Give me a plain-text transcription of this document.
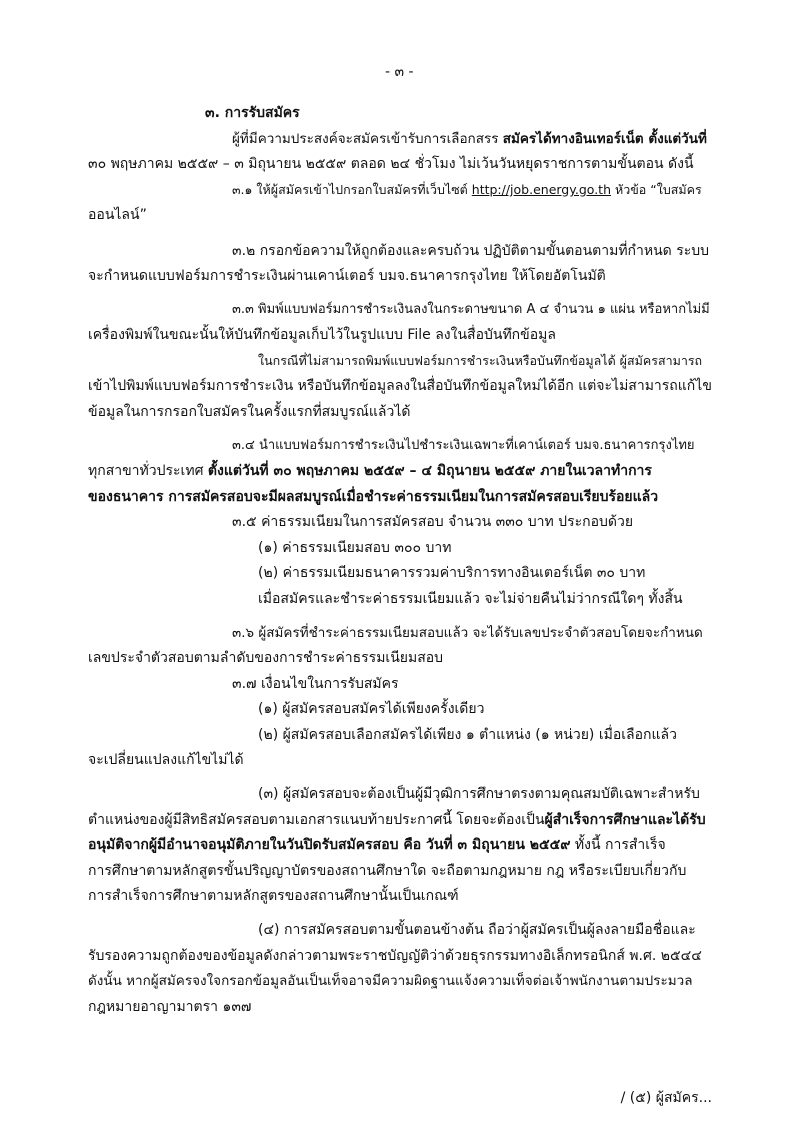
- ๓ -
๓. การรับสมัคร
ผู้ที่มีความประสงค์จะสมัครเข้ารับการเลือกสรร สมัครได้ทางอินเทอร์เน็ต ตั้งแต่วันที่
๓๐ พฤษภาคม ๒๕๕๙ – ๓ มิถุนายน ๒๕๕๙ ตลอด ๒๔ ชั่วโมง ไม่เว้นวันหยุดราชการตามขั้นตอน ดังนี้
๓.๑ ให้ผู้สมัครเข้าไปกรอกใบสมัครที่เว็บไซต์ http://job.energy.go.th หัวข้อ “ใบสมัคร
ออนไลน์”
๓.๒ กรอกข้อความให้ถูกต้องและครบถ้วน ปฏิบัติตามขั้นตอนตามที่กำหนด ระบบ
จะกำหนดแบบฟอร์มการชำระเงินผ่านเคาน์เตอร์ บมจ.ธนาคารกรุงไทย ให้โดยอัตโนมัติ
๓.๓ พิมพ์แบบฟอร์มการชำระเงินลงในกระดาษขนาด A ๔ จำนวน ๑ แผ่น หรือหากไม่มี
เครื่องพิมพ์ในขณะนั้นให้บันทึกข้อมูลเก็บไว้ในรูปแบบ File ลงในสื่อบันทึกข้อมูล
ในกรณีที่ไม่สามารถพิมพ์แบบฟอร์มการชำระเงินหรือบันทึกข้อมูลได้ ผู้สมัครสามารถ
เข้าไปพิมพ์แบบฟอร์มการชำระเงิน หรือบันทึกข้อมูลลงในสื่อบันทึกข้อมูลใหม่ได้อีก แต่จะไม่สามารถแก้ไข
ข้อมูลในการกรอกใบสมัครในครั้งแรกที่สมบูรณ์แล้วได้
๓.๔ นำแบบฟอร์มการชำระเงินไปชำระเงินเฉพาะที่เคาน์เตอร์ บมจ.ธนาคารกรุงไทย
ทุกสาขาทั่วประเทศ ตั้งแต่วันที่ ๓๐ พฤษภาคม ๒๕๕๙ – ๔ มิถุนายน ๒๕๕๙ ภายในเวลาทำการ
ของธนาคาร การสมัครสอบจะมีผลสมบูรณ์เมื่อชำระค่าธรรมเนียมในการสมัครสอบเรียบร้อยแล้ว
๓.๕ ค่าธรรมเนียมในการสมัครสอบ จำนวน ๓๓๐ บาท ประกอบด้วย
(๑) ค่าธรรมเนียมสอบ ๓๐๐ บาท
(๒) ค่าธรรมเนียมธนาคารรวมค่าบริการทางอินเตอร์เน็ต ๓๐ บาท
เมื่อสมัครและชำระค่าธรรมเนียมแล้ว จะไม่จ่ายคืนไม่ว่ากรณีใดๆ ทั้งสิ้น
๓.๖ ผู้สมัครที่ชำระค่าธรรมเนียมสอบแล้ว จะได้รับเลขประจำตัวสอบโดยจะกำหนด
เลขประจำตัวสอบตามลำดับของการชำระค่าธรรมเนียมสอบ
๓.๗ เงื่อนไขในการรับสมัคร
(๑) ผู้สมัครสอบสมัครได้เพียงครั้งเดียว
(๒) ผู้สมัครสอบเลือกสมัครได้เพียง ๑ ตำแหน่ง (๑ หน่วย) เมื่อเลือกแล้ว
จะเปลี่ยนแปลงแก้ไขไม่ได้
(๓) ผู้สมัครสอบจะต้องเป็นผู้มีวุฒิการศึกษาตรงตามคุณสมบัติเฉพาะสำหรับ
ตำแหน่งของผู้มีสิทธิสมัครสอบตามเอกสารแนบท้ายประกาศนี้ โดยจะต้องเป็นผู้สำเร็จการศึกษาและได้รับ
อนุมัติจากผู้มีอำนาจอนุมัติภายในวันปิดรับสมัครสอบ คือ วันที่ ๓ มิถุนายน ๒๕๕๙ ทั้งนี้ การสำเร็จ
การศึกษาตามหลักสูตรขั้นปริญญาบัตรของสถานศึกษาใด จะถือตามกฎหมาย กฎ หรือระเบียบเกี่ยวกับ
การสำเร็จการศึกษาตามหลักสูตรของสถานศึกษานั้นเป็นเกณฑ์
(๔) การสมัครสอบตามขั้นตอนข้างต้น ถือว่าผู้สมัครเป็นผู้ลงลายมือชื่อและ
รับรองความถูกต้องของข้อมูลดังกล่าวตามพระราชบัญญัติว่าด้วยธุรกรรมทางอิเล็กทรอนิกส์ พ.ศ. ๒๕๔๔
ดังนั้น หากผู้สมัครจงใจกรอกข้อมูลอันเป็นเท็จอาจมีความผิดฐานแจ้งความเท็จต่อเจ้าพนักงานตามประมวล
กฎหมายอาญามาตรา ๑๓๗
/ (๕) ผู้สมัคร...
